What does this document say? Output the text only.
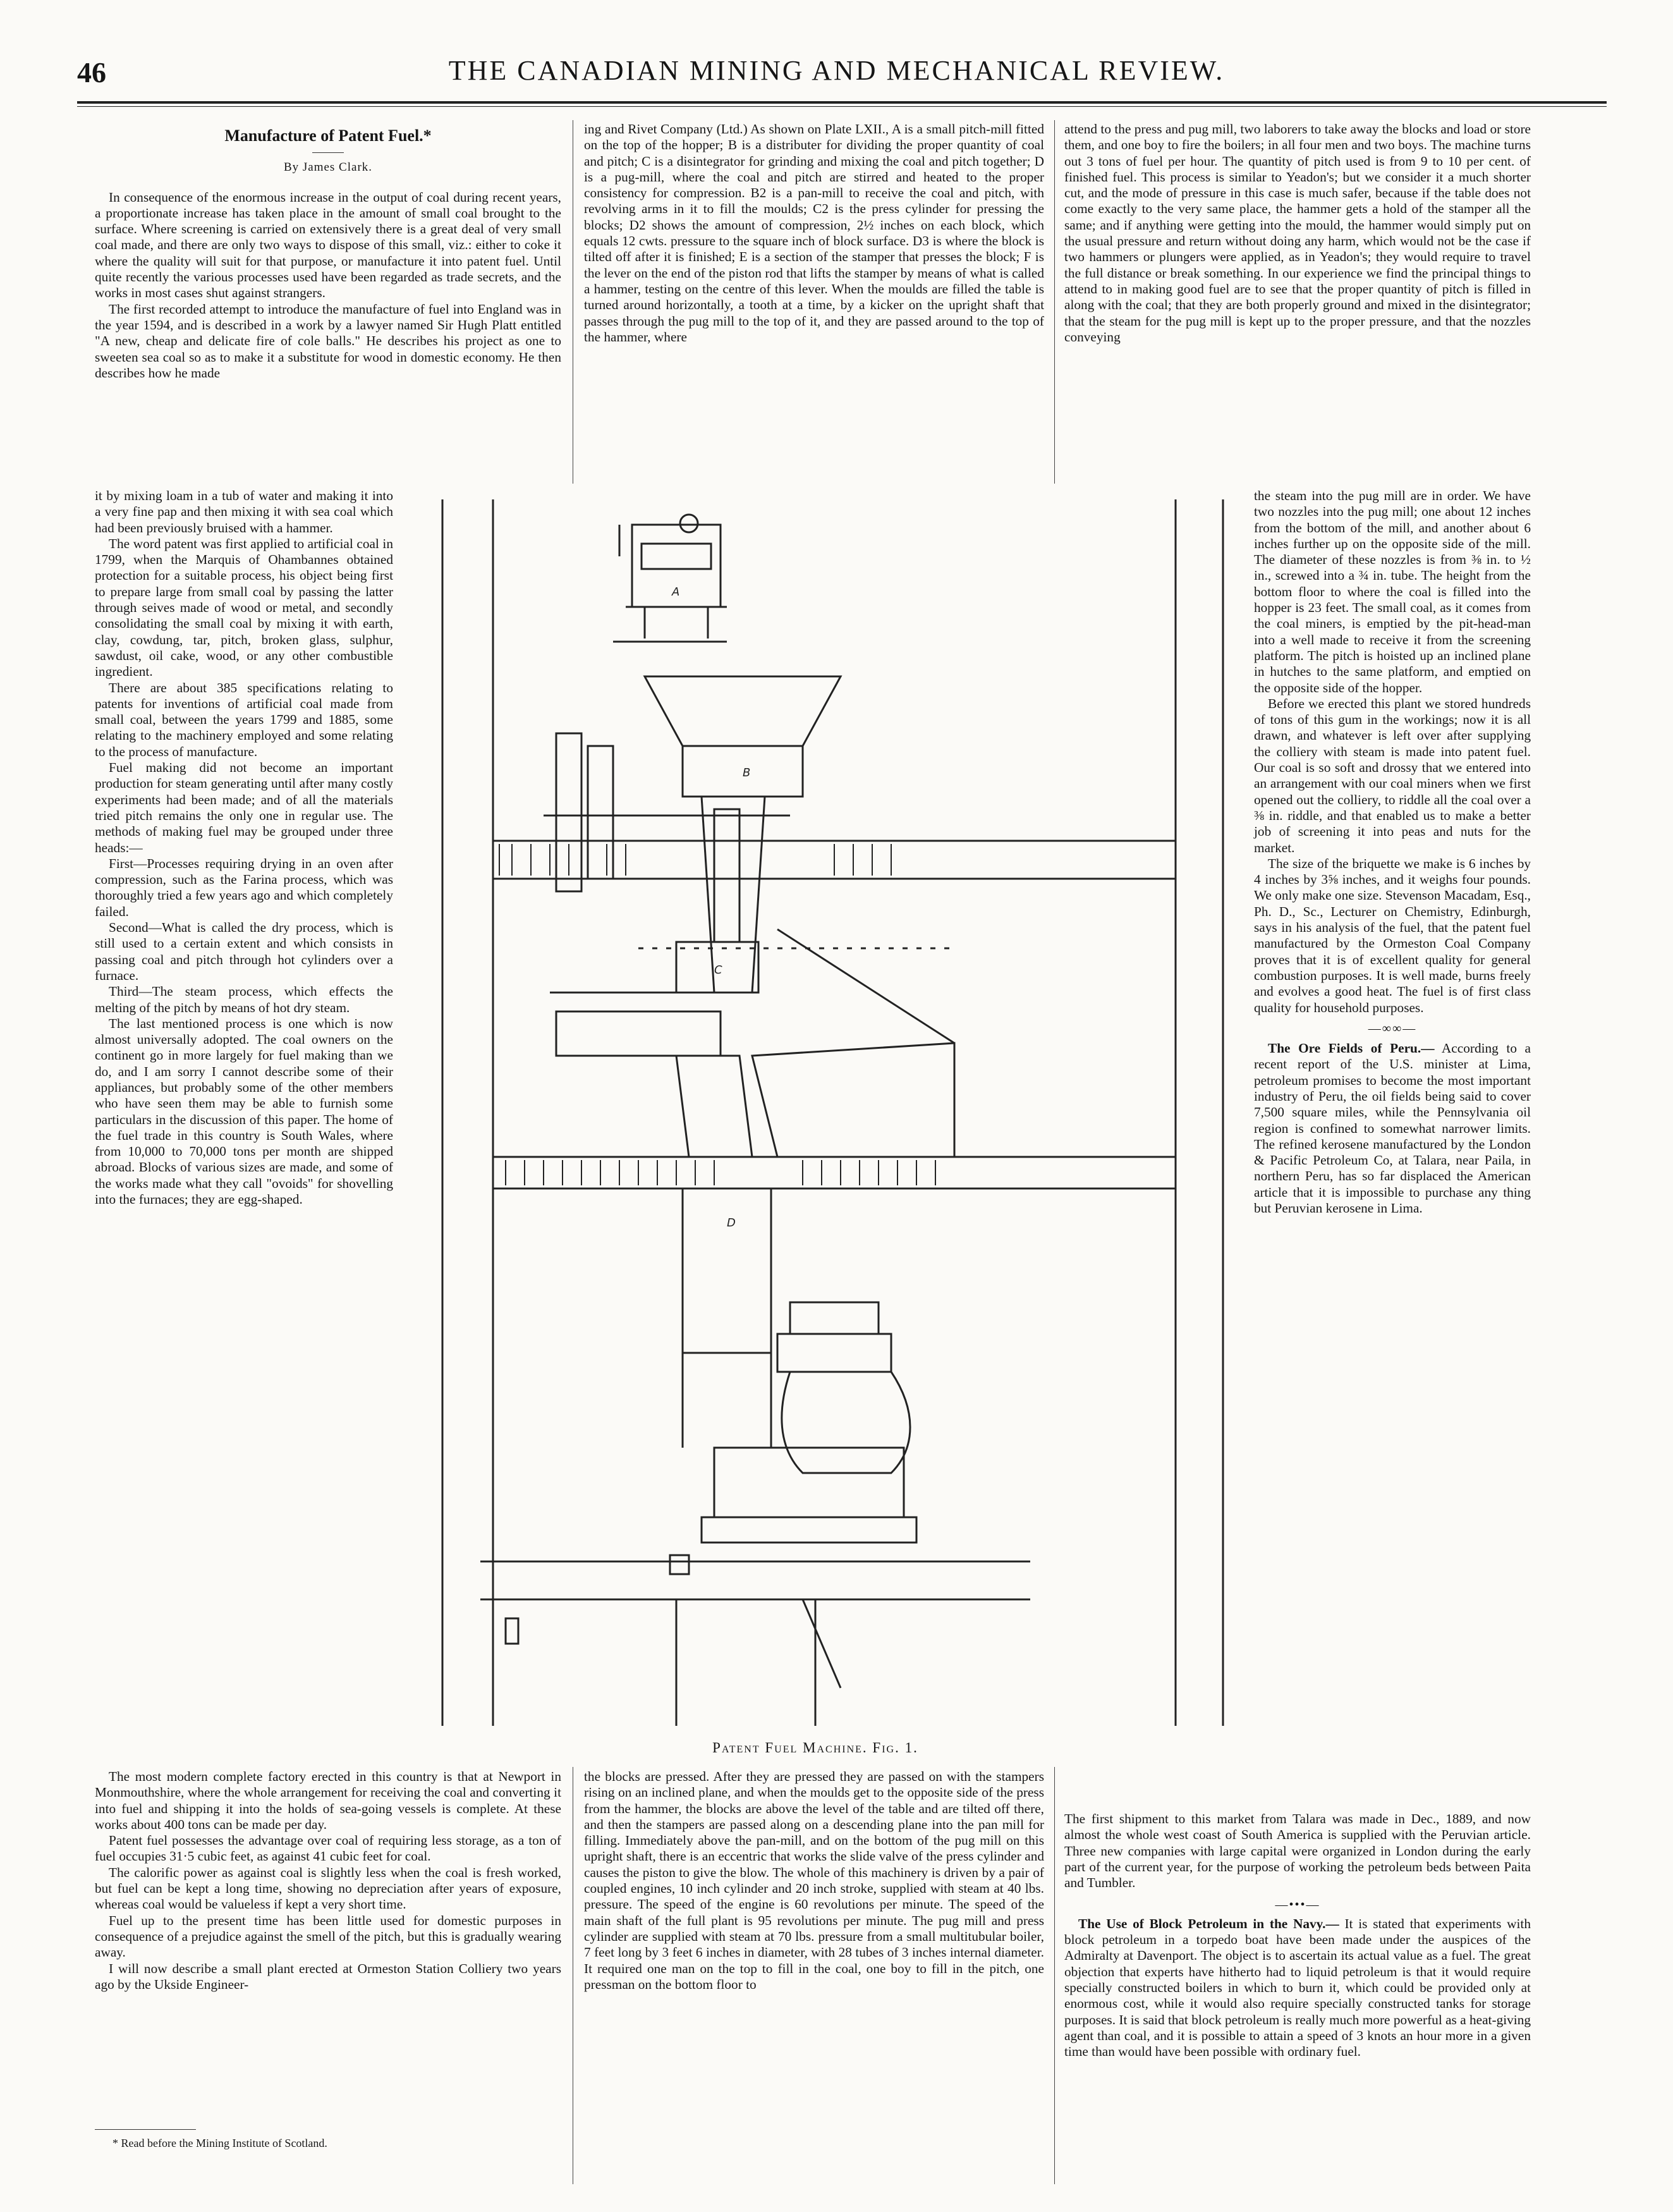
46	THE CANADIAN MINING AND MECHANICAL REVIEW.
Manufacture of Patent Fuel.*
By James Clark.

In consequence of the enormous increase in the output of coal during recent years, a proportionate increase has taken place in the amount of small coal brought to the surface. Where screening is carried on extensively there is a great deal of very small coal made, and there are only two ways to dispose of this small, viz.: either to coke it where the quality will suit for that purpose, or manufacture it into patent fuel. Until quite recently the various processes used have been regarded as trade secrets, and the works in most cases shut against strangers.

The first recorded attempt to introduce the manufacture of fuel into England was in the year 1594, and is described in a work by a lawyer named Sir Hugh Platt entitled "A new, cheap and delicate fire of cole balls." He describes his project as one to sweeten sea coal so as to make it a substitute for wood in domestic economy. He then describes how he made

it by mixing loam in a tub of water and making it into a very fine pap and then mixing it with sea coal which had been previously bruised with a hammer.

The word patent was first applied to artificial coal in 1799, when the Marquis of Ohambannes obtained protection for a suitable process, his object being first to prepare large from small coal by passing the latter through seives made of wood or metal, and secondly consolidating the small coal by mixing it with earth, clay, cowdung, tar, pitch, broken glass, sulphur, sawdust, oil cake, wood, or any other combustible ingredient.

There are about 385 specifications relating to patents for inventions of artificial coal made from small coal, between the years 1799 and 1885, some relating to the machinery employed and some relating to the process of manufacture.

Fuel making did not become an important production for steam generating until after many costly experiments had been made; and of all the materials tried pitch remains the only one in regular use. The methods of making fuel may be grouped under three heads:—

First—Processes requiring drying in an oven after compression, such as the Farina process, which was thoroughly tried a few years ago and which completely failed.

Second—What is called the dry process, which is still used to a certain extent and which consists in passing coal and pitch through hot cylinders over a furnace.

Third—The steam process, which effects the melting of the pitch by means of hot dry steam.

The last mentioned process is one which is now almost universally adopted. The coal owners on the continent go in more largely for fuel making than we do, and I am sorry I cannot describe some of their appliances, but probably some of the other members who have seen them may be able to furnish some particulars in the discussion of this paper. The home of the fuel trade in this country is South Wales, where from 10,000 to 70,000 tons per month are shipped abroad. Blocks of various sizes are made, and some of the works made what they call "ovoids" for shovelling into the furnaces; they are egg-shaped.

The most modern complete factory erected in this country is that at Newport in Monmouthshire, where the whole arrangement for receiving the coal and converting it into fuel and shipping it into the holds of sea-going vessels is complete. At these works about 400 tons can be made per day.

Patent fuel possesses the advantage over coal of requiring less storage, as a ton of fuel occupies 31·5 cubic feet, as against 41 cubic feet for coal.

The calorific power as against coal is slightly less when the coal is fresh worked, but fuel can be kept a long time, showing no depreciation after years of exposure, whereas coal would be valueless if kept a very short time.

Fuel up to the present time has been little used for domestic purposes in consequence of a prejudice against the smell of the pitch, but this is gradually wearing away.

I will now describe a small plant erected at Ormeston Station Colliery two years ago by the Ukside Engineer-

* Read before the Mining Institute of Scotland.

ing and Rivet Company (Ltd.) As shown on Plate LXII., A is a small pitch-mill fitted on the top of the hopper; B is a distributer for dividing the proper quantity of coal and pitch; C is a disintegrator for grinding and mixing the coal and pitch together; D is a pug-mill, where the coal and pitch are stirred and heated to the proper consistency for compression. B2 is a pan-mill to receive the coal and pitch, with revolving arms in it to fill the moulds; C2 is the press cylinder for pressing the blocks; D2 shows the amount of compression, 2½ inches on each block, which equals 12 cwts. pressure to the square inch of block surface. D3 is where the block is tilted off after it is finished; E is a section of the stamper that presses the block; F is the lever on the end of the piston rod that lifts the stamper by means of what is called a hammer, testing on the centre of this lever. When the moulds are filled the table is turned around horizontally, a tooth at a time, by a kicker on the upright shaft that passes through the pug mill to the top of it, and they are passed around to the top of the hammer, where

the blocks are pressed. After they are pressed they are passed on with the stampers rising on an inclined plane, and when the moulds get to the opposite side of the press from the hammer, the blocks are above the level of the table and are tilted off there, and then the stampers are passed along on a descending plane into the pan mill for filling. Immediately above the pan-mill, and on the bottom of the pug mill on this upright shaft, there is an eccentric that works the slide valve of the press cylinder and causes the piston to give the blow. The whole of this machinery is driven by a pair of coupled engines, 10 inch cylinder and 20 inch stroke, supplied with steam at 40 lbs. pressure. The speed of the engine is 60 revolutions per minute. The speed of the main shaft of the full plant is 95 revolutions per minute. The pug mill and press cylinder are supplied with steam at 70 lbs. pressure from a small multitubular boiler, 7 feet long by 3 feet 6 inches in diameter, with 28 tubes of 3 inches internal diameter. It required one man on the top to fill in the coal, one boy to fill in the pitch, one pressman on the bottom floor to

attend to the press and pug mill, two laborers to take away the blocks and load or store them, and one boy to fire the boilers; in all four men and two boys. The machine turns out 3 tons of fuel per hour. The quantity of pitch used is from 9 to 10 per cent. of finished fuel. This process is similar to Yeadon's; but we consider it a much shorter cut, and the mode of pressure in this case is much safer, because if the table does not come exactly to the very same place, the hammer gets a hold of the stamper all the same; and if anything were getting into the mould, the hammer would simply put on the usual pressure and return without doing any harm, which would not be the case if two hammers or plungers were applied, as in Yeadon's; they would require to travel the full distance or break something. In our experience we find the principal things to attend to in making good fuel are to see that the proper quantity of pitch is filled in along with the coal; that they are both properly ground and mixed in the disintegrator; that the steam for the pug mill is kept up to the proper pressure, and that the nozzles conveying

the steam into the pug mill are in order. We have two nozzles into the pug mill; one about 12 inches from the bottom of the mill, and another about 6 inches further up on the opposite side of the mill. The diameter of these nozzles is from ⅜ in. to ½ in., screwed into a ¾ in. tube. The height from the bottom floor to where the coal is filled into the hopper is 23 feet. The small coal, as it comes from the coal miners, is emptied by the pit-head-man into a well made to receive it from the screening platform. The pitch is hoisted up an inclined plane in hutches to the same platform, and emptied on the opposite side of the hopper.

Before we erected this plant we stored hundreds of tons of this gum in the workings; now it is all drawn, and whatever is left over after supplying the colliery with steam is made into patent fuel. Our coal is so soft and drossy that we entered into an arrangement with our coal miners when we first opened out the colliery, to riddle all the coal over a ⅜ in. riddle, and that enabled us to make a better job of screening it into peas and nuts for the market.

The size of the briquette we make is 6 inches by 4 inches by 3⅝ inches, and it weighs four pounds. We only make one size. Stevenson Macadam, Esq., Ph. D., Sc., Lecturer on Chemistry, Edinburgh, says in his analysis of the fuel, that the patent fuel manufactured by the Ormeston Coal Company proves that it is of excellent quality for general combustion purposes. It is well made, burns freely and evolves a good heat. The fuel is of first class quality for household purposes.

—∞∞—

The Ore Fields of Peru.— According to a recent report of the U.S. minister at Lima, petroleum promises to become the most important industry of Peru, the oil fields being said to cover 7,500 square miles, while the Pennsylvania oil region is confined to somewhat narrower limits. The refined kerosene manufactured by the London & Pacific Petroleum Co, at Talara, near Paila, in northern Peru, has so far displaced the American article that it is impossible to purchase any thing but Peruvian kerosene in Lima.

The first shipment to this market from Talara was made in Dec., 1889, and now almost the whole west coast of South America is supplied with the Peruvian article. Three new companies with large capital were organized in London during the early part of the current year, for the purpose of working the petroleum beds between Paita and Tumbler.

—•••—

The Use of Block Petroleum in the Navy.— It is stated that experiments with block petroleum in a torpedo boat have been made under the auspices of the Admiralty at Davenport. The object is to ascertain its actual value as a fuel. The great objection that experts have hitherto had to liquid petroleum is that it would require specially constructed boilers in which to burn it, which could be provided only at enormous cost, while it would also require specially constructed tanks for storage purposes. It is said that block petroleum is really much more powerful as a heat-giving agent than coal, and it is possible to attain a speed of 3 knots an hour more in a given time than would have been possible with ordinary fuel.

A
B
C
D
Patent Fuel Machine. Fig. 1.
